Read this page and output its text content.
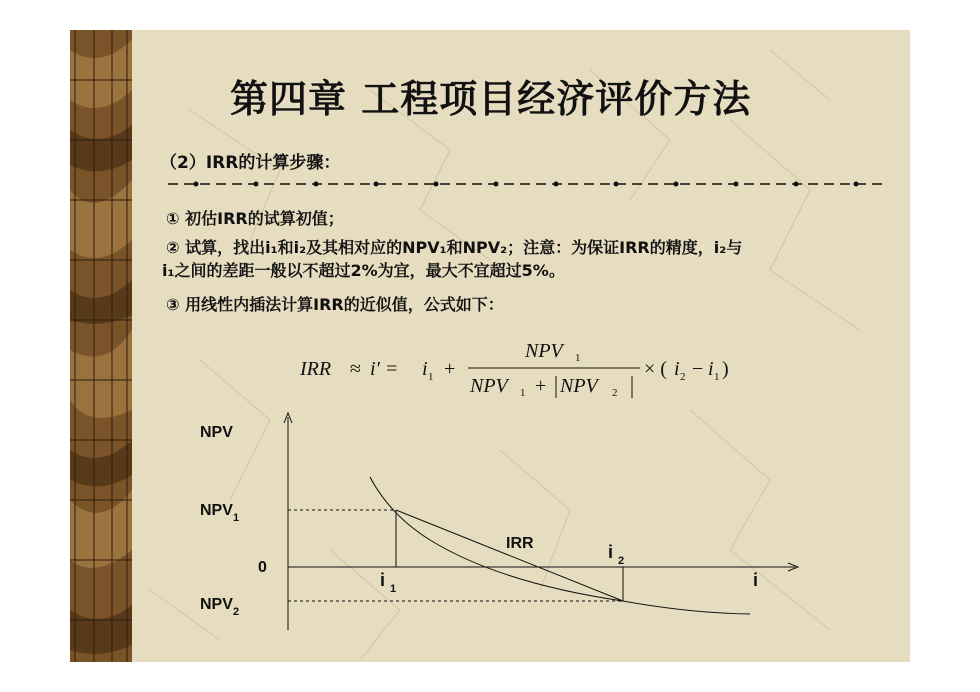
第四章 工程项目经济评价方法
（2）IRR的计算步骤：
① 初估IRR的试算初值；
② 试算，找出i₁和i₂及其相对应的NPV₁和NPV₂；注意：为保证IRR的精度，i₂与
i₁之间的差距一般以不超过2%为宜，最大不宜超过5%。
③ 用线性内插法计算IRR的近似值，公式如下：
IRR ≈ i′ = i 1 +
NPV 1
NPV 1 + NPV 2
× ( i 2 − i 1 )
NPV
NPV 1
0
NPV 2
IRR
i 1
i 2
i
